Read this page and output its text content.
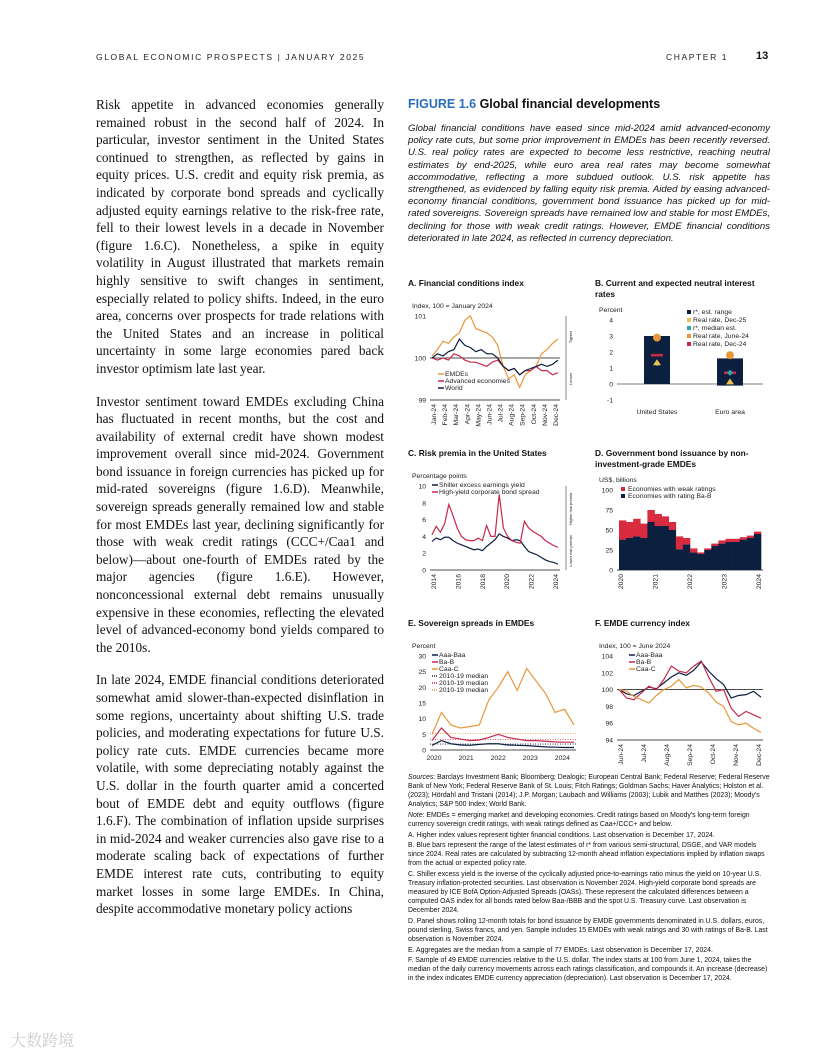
GLOBAL ECONOMIC PROSPECTS | JANUARY 2025	CHAPTER 1	13

Risk appetite in advanced economies generally remained robust in the second half of 2024. In particular, investor sentiment in the United States continued to strengthen, as reflected by gains in equity prices. U.S. credit and equity risk premia, as indicated by corporate bond spreads and cyclically adjusted equity earnings relative to the risk-free rate, fell to their lowest levels in a decade in November (figure 1.6.C). Nonetheless, a spike in equity volatility in August illustrated that markets remain highly sensitive to swift changes in sentiment, especially related to policy shifts. Indeed, in the euro area, concerns over prospects for trade relations with the United States and an increase in political uncertainty in some large economies pared back investor optimism late last year.

Investor sentiment toward EMDEs excluding China has fluctuated in recent months, but the cost and availability of external credit have shown modest improvement overall since mid-2024. Government bond issuance in foreign currencies has picked up for mid-rated sovereigns (figure 1.6.D). Meanwhile, sovereign spreads generally remained low and stable for most EMDEs last year, declining significantly for those with weak credit ratings (CCC+/Caa1 and below)—about one-fourth of EMDEs rated by the major agencies (figure 1.6.E). However, nonconcessional external debt remains unusually expensive in these economies, reflecting the elevated level of advanced-economy bond yields compared to the 2010s.

In late 2024, EMDE financial conditions deteriorated somewhat amid slower-than-expected disinflation in some regions, uncertainty about shifting U.S. trade policies, and moderating expectations for future U.S. policy rate cuts. EMDE currencies became more volatile, with some depreciating notably against the U.S. dollar in the fourth quarter amid a concerted bout of EMDE debt and equity outflows (figure 1.6.F). The combination of inflation upside surprises in mid-2024 and weaker currencies also gave rise to a moderate scaling back of expectations of further EMDE interest rate cuts, contributing to equity market losses in some large EMDEs. In China, despite accommodative monetary policy actions

FIGURE 1.6 Global financial developments
Global financial conditions have eased since mid-2024 amid advanced-economy policy rate cuts, but some prior improvement in EMDEs has been recently reversed. U.S. real policy rates are expected to become less restrictive, reaching neutral estimates by end-2025, while euro area real rates may become somewhat accommodative, reflecting a more subdued outlook. U.S. risk appetite has strengthened, as evidenced by falling equity risk premia. Aided by easing advanced-economy financial conditions, government bond issuance has picked up for mid-rated sovereigns. Sovereign spreads have remained low and stable for most EMDEs, declining for those with weak credit ratings. However, EMDE financial conditions deteriorated in late 2024, as reflected in currency depreciation.
A. Financial conditions index
Index, 100 = January 2024
99
100
101
Jan-24 Feb-24 Mar-24 Apr-24 May-24 Jun-24 Jul-24 Aug-24 Sep-24 Oct-24 Nov-24 Dec-24
EMDEs
Advanced economies
World
Tighter
Looser
B. Current and expected neutral interest rates
Percent
-1
0
1
2
3
4
United States	Euro area
r*, est. range
Real rate, Dec-25
r*, median est.
Real rate, June-24
Real rate, Dec-24
C. Risk premia in the United States
Percentage points
0
2
4
6
8
10
2014	2016	2018	2020	2022	2024
Shiller excess earnings yield
High-yield corporate bond spread
Higher risk premia
Lower risk premia
D. Government bond issuance by non-investment-grade EMDEs
US$, billions
0
25
50
75
100
2020	2021	2022	2023	2024
Economies with weak ratings
Economies with rating Ba-B
E. Sovereign spreads in EMDEs
Percent
0
5
10
15
20
25
30
2020 2021 2022 2023 2024
Aaa-Baa
Ba-B
Caa-C
2010-19 median
2010-19 median
2010-19 median
F. EMDE currency index
Index, 100 = June 2024
94
96
98
100
102
104
Jun-24 Jul-24 Aug-24 Sep-24 Oct-24 Nov-24 Dec-24
Aaa-Baa
Ba-B
Caa-C

Sources: Barclays Investment Bank; Bloomberg; Dealogic; European Central Bank; Federal Reserve; Federal Reserve Bank of New York; Federal Reserve Bank of St. Louis; Fitch Ratings; Goldman Sachs; Haver Analytics; Holston et al. (2023); Hördahl and Tristani (2014); J.P. Morgan; Laubach and Williams (2003); Lubik and Matthes (2023); Moody's Analytics; S&P 500 Index; World Bank.

Note: EMDEs = emerging market and developing economies. Credit ratings based on Moody's long-term foreign currency sovereign credit ratings, with weak ratings defined as Caa+/CCC+ and below.

A. Higher index values represent tighter financial conditions. Last observation is December 17, 2024.

B. Blue bars represent the range of the latest estimates of r* from various semi-structural, DSGE, and VAR models since 2024. Real rates are calculated by subtracting 12-month ahead inflation expectations implied by inflation swaps from the actual or expected policy rate.

C. Shiller excess yield is the inverse of the cyclically adjusted price-to-earnings ratio minus the yield on 10-year U.S. Treasury inflation-protected securities. Last observation is November 2024. High-yield corporate bond spreads are measured by ICE BofA Option-Adjusted Spreads (OASs). These represent the calculated differences between a computed OAS index for all bonds rated below Baa-/BBB and the spot U.S. Treasury curve. Last observation is December 2024.

D. Panel shows rolling 12-month totals for bond issuance by EMDE governments denominated in U.S. dollars, euros, pound sterling, Swiss francs, and yen. Sample includes 15 EMDEs with weak ratings and 30 with ratings of Ba-B. Last observation is November 2024.

E. Aggregates are the median from a sample of 77 EMDEs. Last observation is December 17, 2024.

F. Sample of 49 EMDE currencies relative to the U.S. dollar. The index starts at 100 from June 1, 2024, takes the median of the daily currency movements across each ratings classification, and compounds it. An increase (decrease) in the index indicates EMDE currency appreciation (depreciation). Last observation is December 17, 2024.

大数跨境
